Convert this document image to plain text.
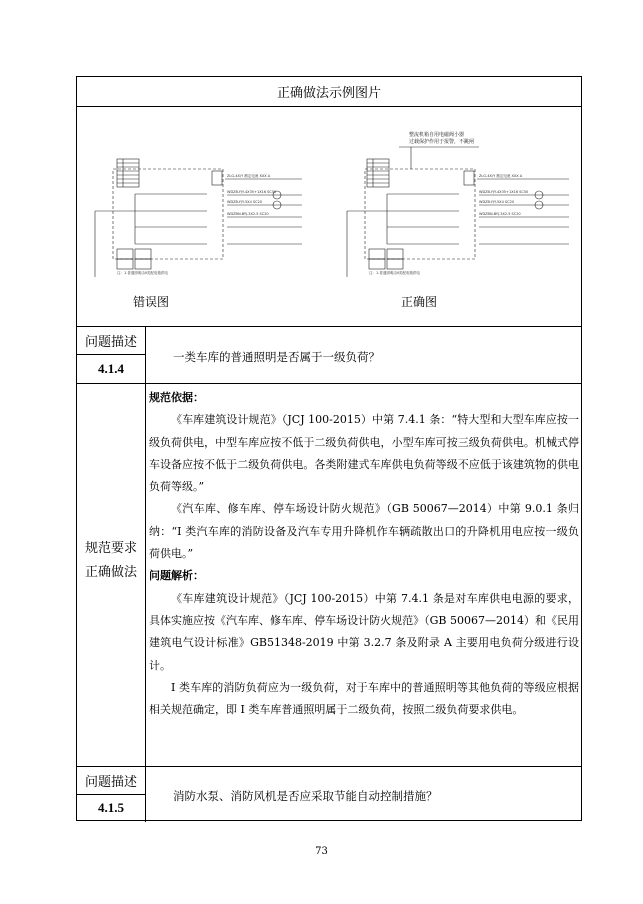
正确做法示例图片
ZLG-4X/Y 额定电流 XXX A
WDZB-YJY-4X35+1X16 SC50
WDZB-YJY-5X4 SC20
WDZBN-BYJ-3X2.5 SC20
注：1.普通照明由II类配电箱供电
ZLG-4X/Y 额定电流 XXX A
WDZB-YJY-4X35+1X16 SC50
WDZB-YJY-5X4 SC20
WDZBN-BYJ-3X2.5 SC20
注：1.普通照明由II类配电箱供电
整流机箱自用电磁阀小器
过载保护作用于报警，不跳闸
错误图	正确图
问题描述
4.1.4
一类车库的普通照明是否属于一级负荷？
规范要求
正确做法

规范依据：

《车库建筑设计规范》（JCJ 100-2015）中第 7.4.1 条：“特大型和大型车库应按一级负荷供电，中型车库应按不低于二级负荷供电，小型车库可按三级负荷供电。机械式停车设备应按不低于二级负荷供电。各类附建式车库供电负荷等级不应低于该建筑物的供电负荷等级。”

《汽车库、修车库、停车场设计防火规范》（GB 50067—2014）中第 9.0.1 条归纳：“I 类汽车库的消防设备及汽车专用升降机作车辆疏散出口的升降机用电应按一级负荷供电。”

问题解析：

《车库建筑设计规范》（JCJ 100-2015）中第 7.4.1 条是对车库供电电源的要求，具体实施应按《汽车库、修车库、停车场设计防火规范》（GB 50067—2014）和《民用建筑电气设计标准》GB51348-2019 中第 3.2.7 条及附录 A 主要用电负荷分级进行设计。

I 类车库的消防负荷应为一级负荷，对于车库中的普通照明等其他负荷的等级应根据相关规范确定，即 I 类车库普通照明属于二级负荷，按照二级负荷要求供电。

问题描述
4.1.5
消防水泵、消防风机是否应采取节能自动控制措施？
73
